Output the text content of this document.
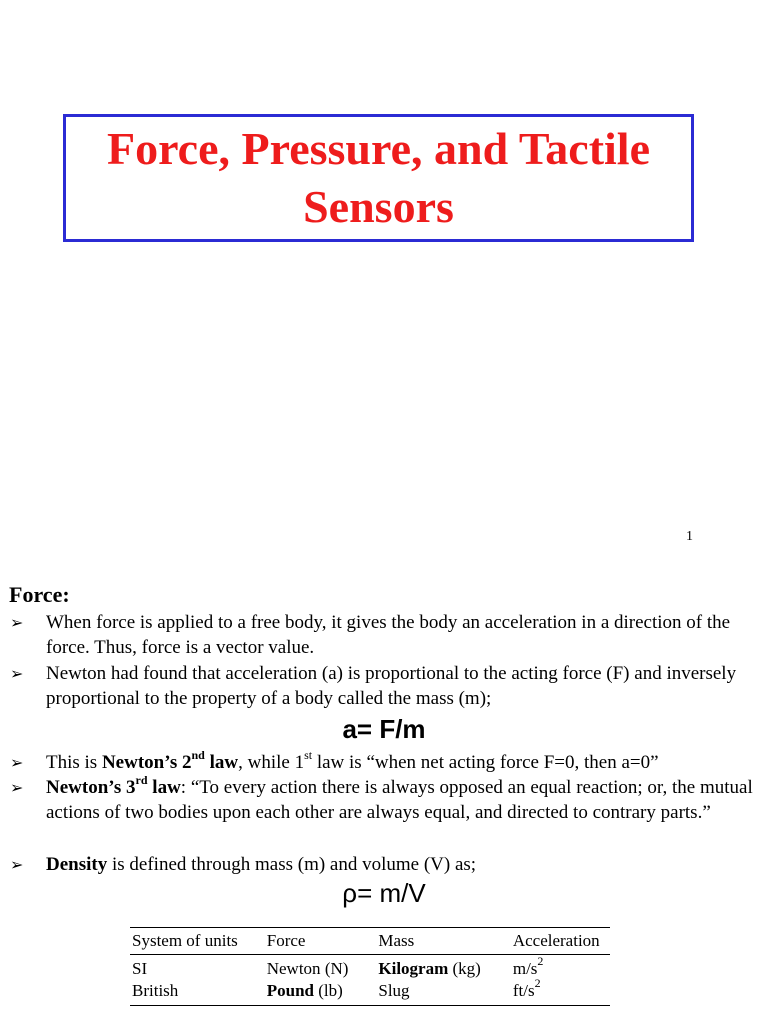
Force, Pressure, and Tactile
Sensors
1
Force:
➢	When force is applied to a free body, it gives the body an acceleration in a direction of the force. Thus, force is a vector value.
➢	Newton had found that acceleration (a) is proportional to the acting force (F) and inversely proportional to the property of a body called the mass (m);
a= F/m
➢	This is Newton’s 2nd law, while 1st law is “when net acting force F=0, then a=0”
➢	Newton’s 3rd law: “To every action there is always opposed an equal reaction; or, the mutual actions of two bodies upon each other are always equal, and directed to contrary parts.”
➢	Density is defined through mass (m) and volume (V) as;
ρ= m/V
System of units	Force	Mass	Acceleration
SI	Newton (N)	Kilogram (kg)	$m/s^2$
British	Pound (lb)	Slug	$ft/s^2$
